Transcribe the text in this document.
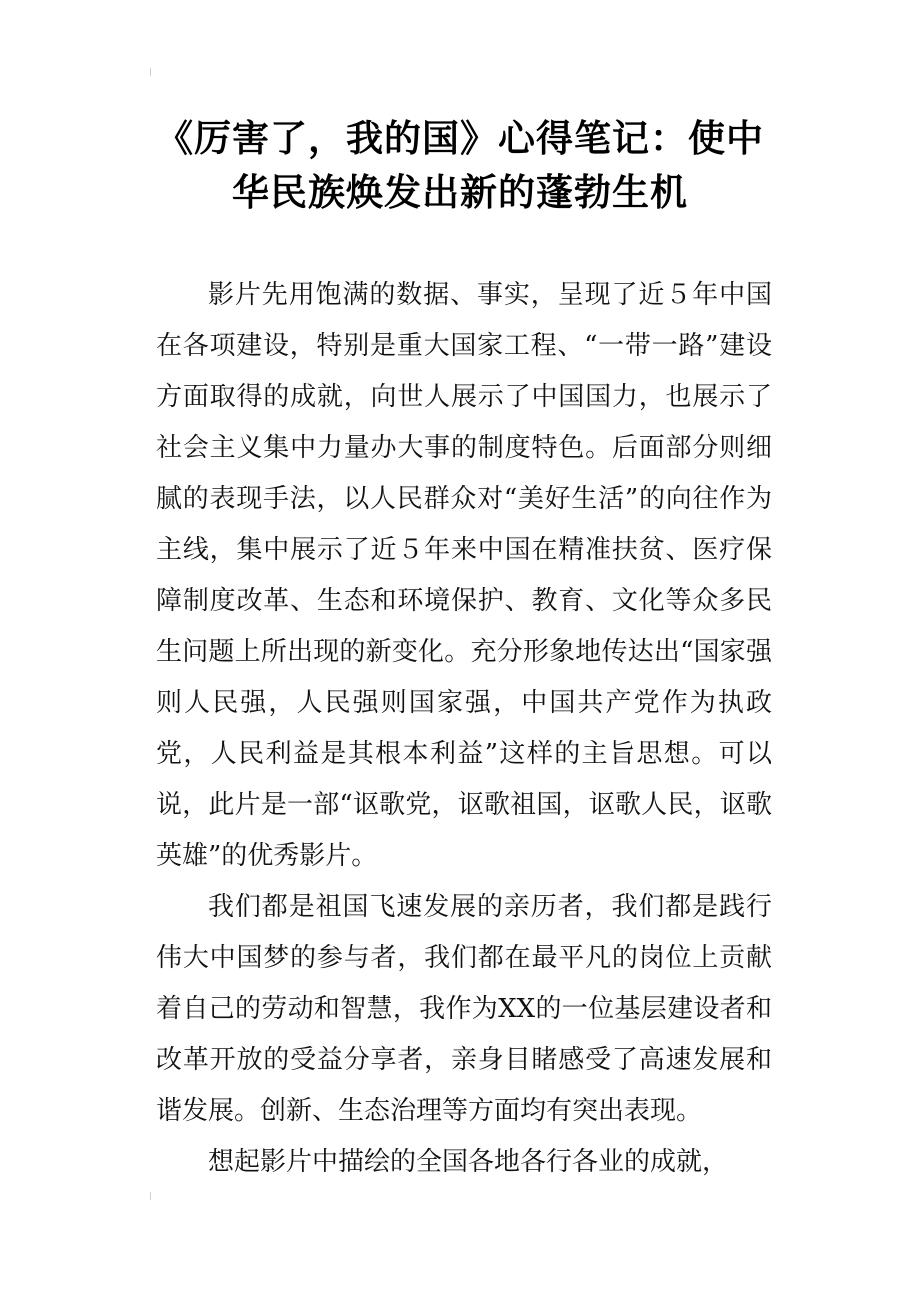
《厉害了，我的国》心得笔记：使中
华民族焕发出新的蓬勃生机

影片先用饱满的数据、事实，呈现了近５年中国在各项建设，特别是重大国家工程、“一带一路”建设方面取得的成就，向世人展示了中国国力，也展示了社会主义集中力量办大事的制度特色。后面部分则细腻的表现手法，以人民群众对“美好生活”的向往作为主线，集中展示了近５年来中国在精准扶贫、医疗保障制度改革、生态和环境保护、教育、文化等众多民生问题上所出现的新变化。充分形象地传达出“国家强则人民强，人民强则国家强，中国共产党作为执政党，人民利益是其根本利益”这样的主旨思想。可以说，此片是一部“讴歌党，讴歌祖国，讴歌人民，讴歌英雄”的优秀影片。

我们都是祖国飞速发展的亲历者，我们都是践行伟大中国梦的参与者，我们都在最平凡的岗位上贡献着自己的劳动和智慧，我作为XX的一位基层建设者和改革开放的受益分享者，亲身目睹感受了高速发展和谐发展。创新、生态治理等方面均有突出表现。

想起影片中描绘的全国各地各行各业的成就，
